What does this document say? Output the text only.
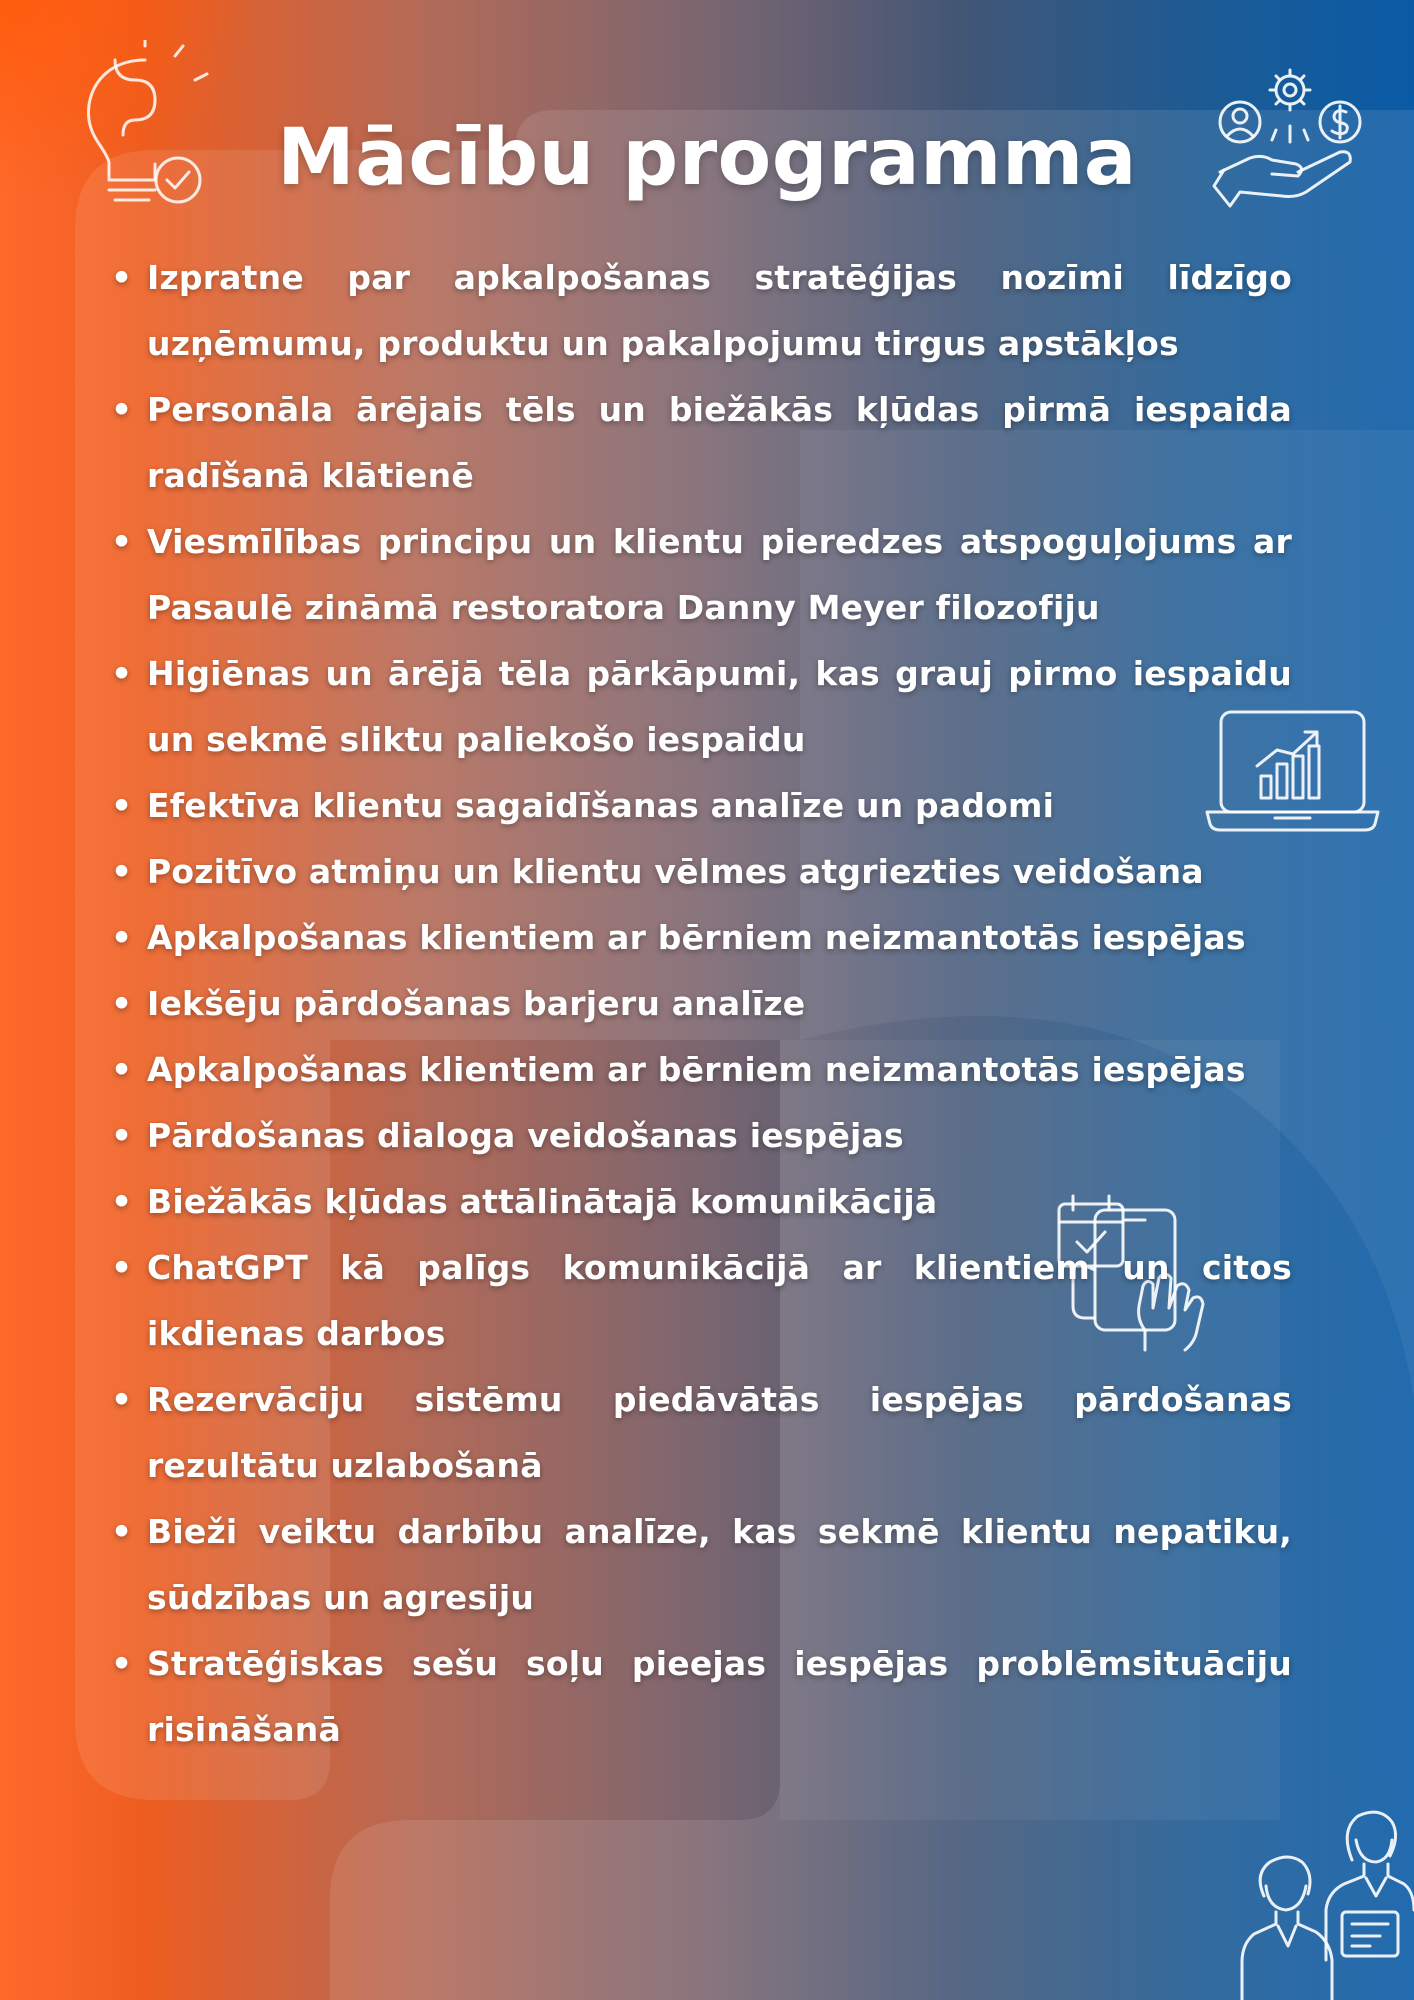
Mācību programma
• Izpratne par apkalpošanas stratēģijas nozīmi līdzīgo uzņēmumu, produktu un pakalpojumu tirgus apstākļos
• Personāla ārējais tēls un biežākās kļūdas pirmā iespaida radīšanā klātienē
• Viesmīlības principu un klientu pieredzes atspoguļojums ar Pasaulē zināmā restoratora Danny Meyer filozofiju
• Higiēnas un ārējā tēla pārkāpumi, kas grauj pirmo iespaidu un sekmē sliktu paliekošo iespaidu
• Efektīva klientu sagaidīšanas analīze un padomi
• Pozitīvo atmiņu un klientu vēlmes atgriezties veidošana
• Apkalpošanas klientiem ar bērniem neizmantotās iespējas
• Iekšēju pārdošanas barjeru analīze
• Apkalpošanas klientiem ar bērniem neizmantotās iespējas
• Pārdošanas dialoga veidošanas iespējas
• Biežākās kļūdas attālinātajā komunikācijā
• ChatGPT kā palīgs komunikācijā ar klientiem un citos ikdienas darbos
• Rezervāciju sistēmu piedāvātās iespējas pārdošanas rezultātu uzlabošanā
• Bieži veiktu darbību analīze, kas sekmē klientu nepatiku, sūdzības un agresiju
• Stratēģiskas sešu soļu pieejas iespējas problēmsituāciju risināšanā
